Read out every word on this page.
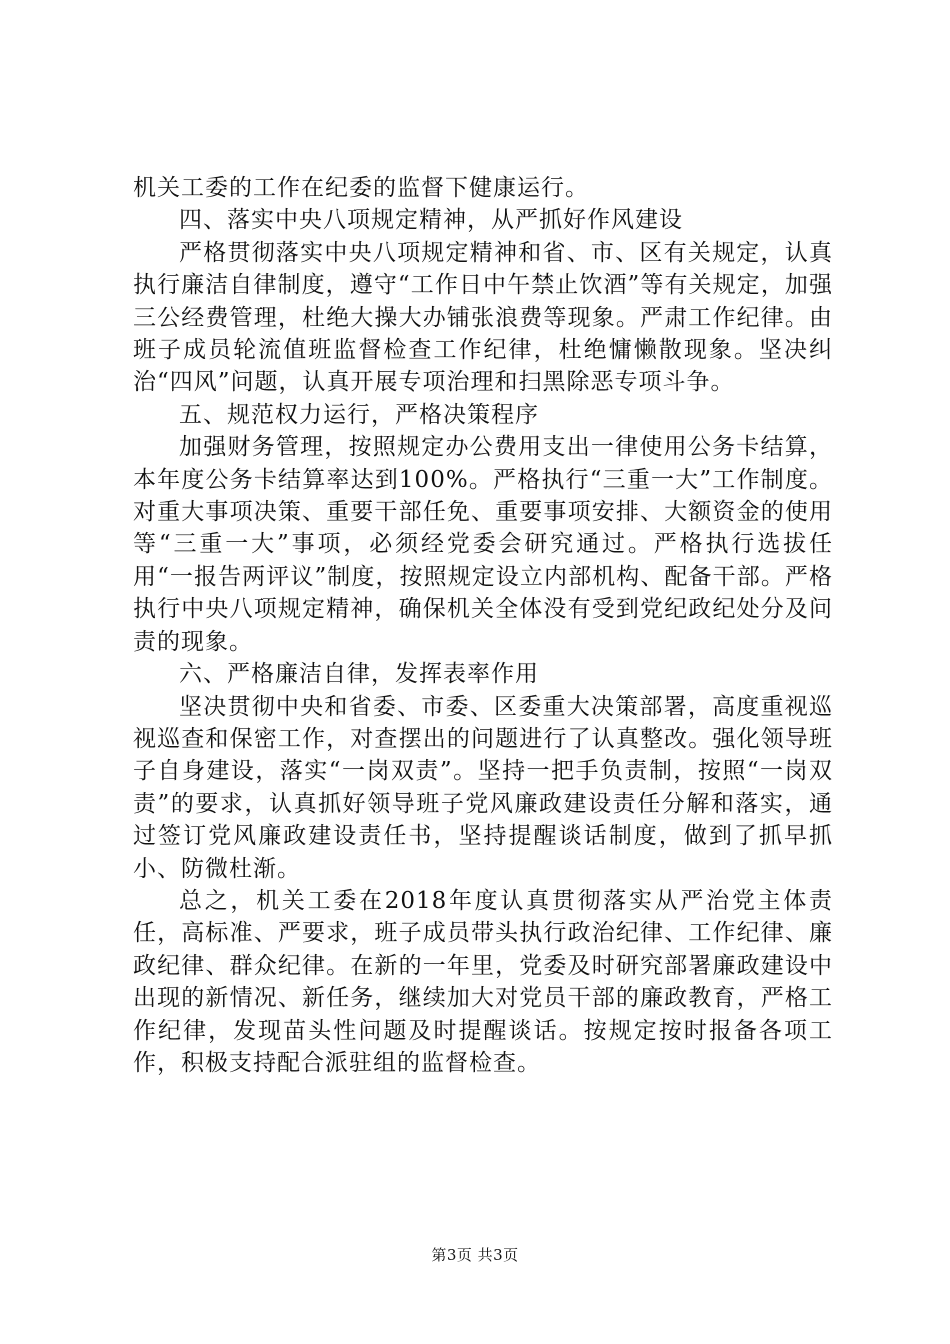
机关工委的工作在纪委的监督下健康运行。

四、落实中央八项规定精神，从严抓好作风建设

严格贯彻落实中央八项规定精神和省、市、区有关规定，认真执行廉洁自律制度，遵守“工作日中午禁止饮酒”等有关规定，加强三公经费管理，杜绝大操大办铺张浪费等现象。严肃工作纪律。由班子成员轮流值班监督检查工作纪律，杜绝慵懒散现象。坚决纠治“四风”问题，认真开展专项治理和扫黑除恶专项斗争。

五、规范权力运行，严格决策程序

加强财务管理，按照规定办公费用支出一律使用公务卡结算，本年度公务卡结算率达到100%。严格执行“三重一大”工作制度。对重大事项决策、重要干部任免、重要事项安排、大额资金的使用等“三重一大”事项，必须经党委会研究通过。严格执行选拔任用“一报告两评议”制度，按照规定设立内部机构、配备干部。严格执行中央八项规定精神，确保机关全体没有受到党纪政纪处分及问责的现象。

六、严格廉洁自律，发挥表率作用

坚决贯彻中央和省委、市委、区委重大决策部署，高度重视巡视巡查和保密工作，对查摆出的问题进行了认真整改。强化领导班子自身建设，落实“一岗双责”。坚持一把手负责制，按照“一岗双责”的要求，认真抓好领导班子党风廉政建设责任分解和落实，通过签订党风廉政建设责任书，坚持提醒谈话制度，做到了抓早抓小、防微杜渐。

总之，机关工委在2018年度认真贯彻落实从严治党主体责任，高标准、严要求，班子成员带头执行政治纪律、工作纪律、廉政纪律、群众纪律。在新的一年里，党委及时研究部署廉政建设中出现的新情况、新任务，继续加大对党员干部的廉政教育，严格工作纪律，发现苗头性问题及时提醒谈话。按规定按时报备各项工作，积极支持配合派驻组的监督检查。

第3页 共3页
